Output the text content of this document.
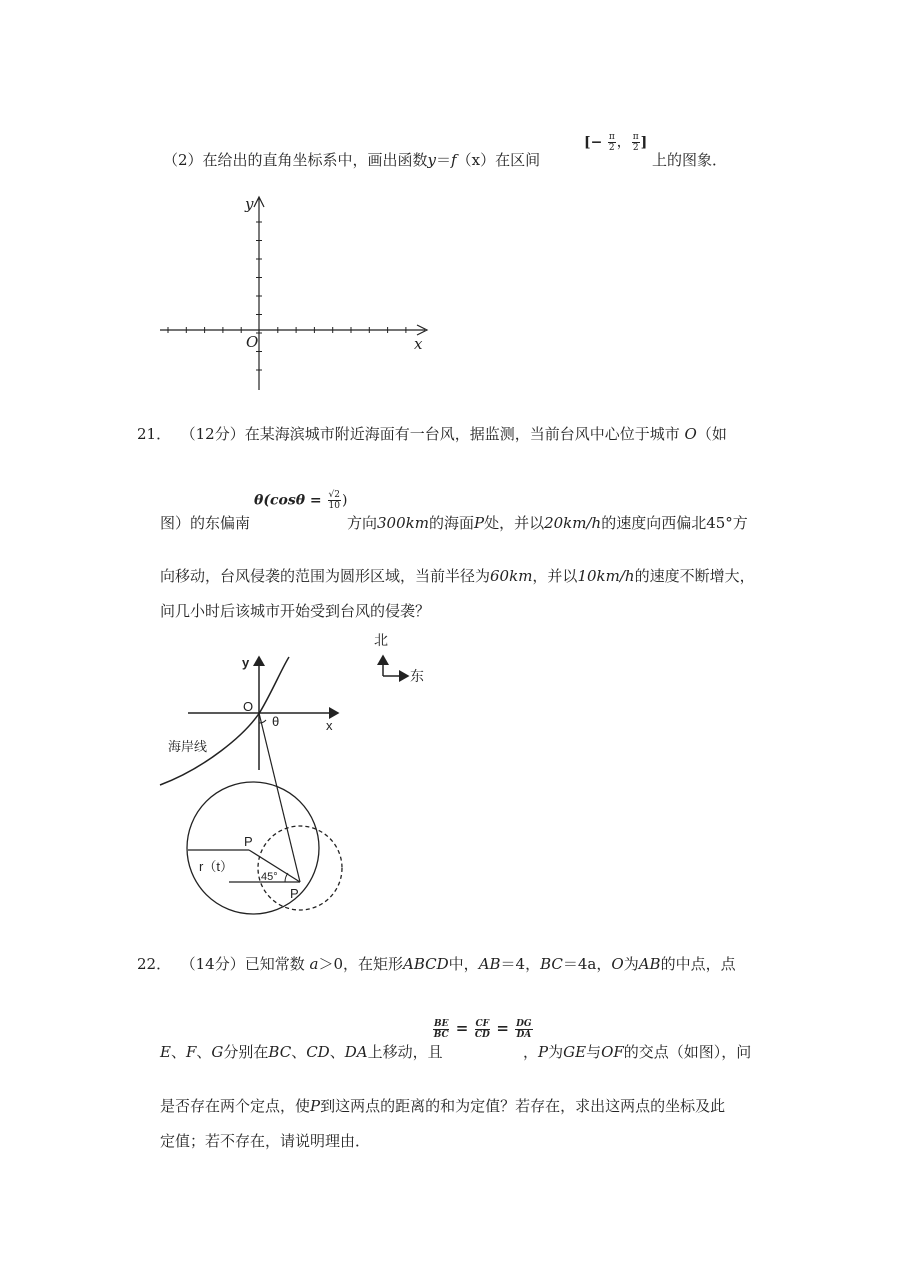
（2）在给出的直角坐标系中，画出函数y＝f（x）在区间
[− $\frac{\pi}{2}$ ， $\frac{\pi}{2}$ ]
上的图象．
y
x
O
21． （12分）在某海滨城市附近海面有一台风，据监测，当前台风中心位于城市 O（如
图）的东偏南
$\theta(\cos\theta = \frac{√2}{10}$ )
方向300km的海面P处，并以20km/h的速度向西偏北45°方
向移动，台风侵袭的范围为圆形区域，当前半径为60km，并以10km/h的速度不断增大，
问几小时后该城市开始受到台风的侵袭？
y
x
O
θ
海岸线
P
P
r（t）
45°
北
东
22． （14分）已知常数 a＞0，在矩形ABCD中，AB＝4，BC＝4a，O为AB的中点，点
E、F、G分别在BC、CD、DA上移动，且
$\frac{BE}{BC} = \frac{CF}{CD} = \frac{DG}{DA}$
，P为GE与OF的交点（如图），问
是否存在两个定点，使P到这两点的距离的和为定值？若存在，求出这两点的坐标及此
定值；若不存在，请说明理由．
